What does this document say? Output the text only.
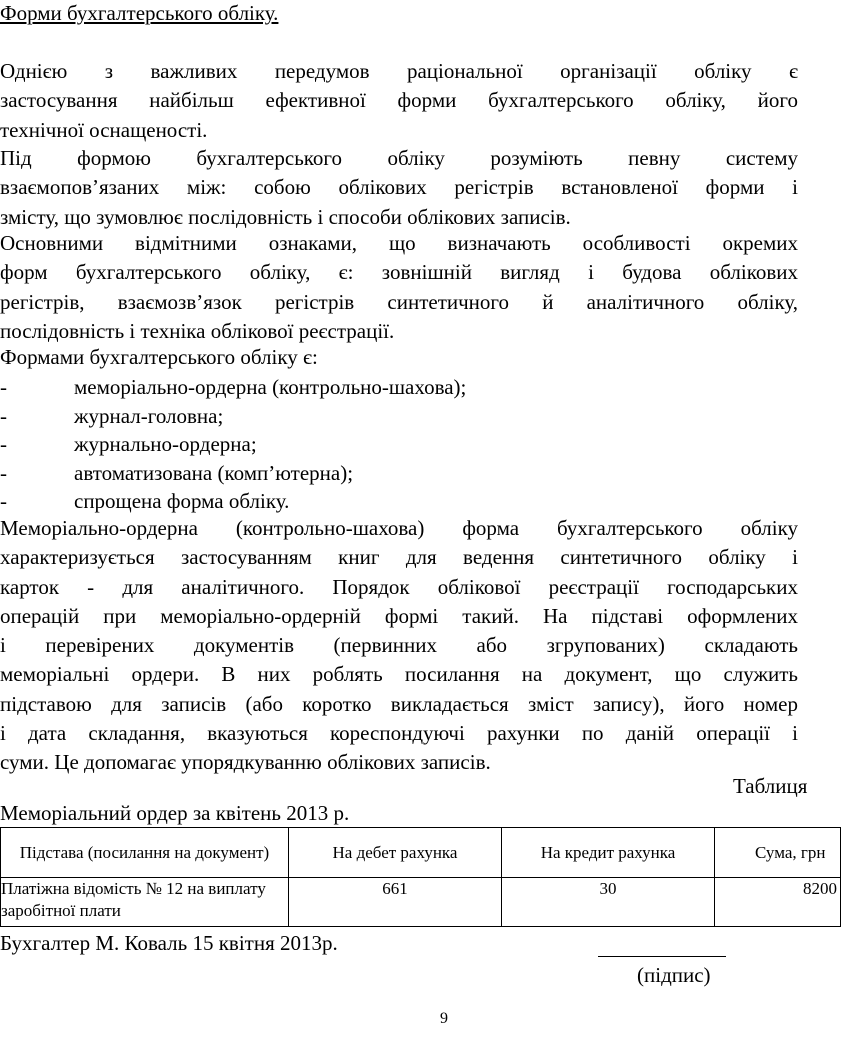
Форми бухгалтерського обліку.

Однією з важливих передумов раціональної організації обліку є
застосування найбільш ефективної форми бухгалтерського обліку, його
технічної оснащеності.

Під формою бухгалтерського обліку розуміють певну систему
взаємопов’язаних між: собою облікових регістрів встановленої форми і
змісту, що зумовлює послідовність і способи облікових записів.

Основними відмітними ознаками, що визначають особливості окремих
форм бухгалтерського обліку, є: зовнішній вигляд і будова облікових
регістрів, взаємозв’язок регістрів синтетичного й аналітичного обліку,
послідовність і техніка облікової реєстрації.

Формами бухгалтерського обліку є:

-	меморіально-ордерна (контрольно-шахова);
-	журнал-головна;
-	журнально-ордерна;
-	автоматизована (комп’ютерна);
-	спрощена форма обліку.

Меморіально-ордерна (контрольно-шахова) форма бухгалтерського обліку
характеризується застосуванням книг для ведення синтетичного обліку і
карток - для аналітичного. Порядок облікової реєстрації господарських
операцій при меморіально-ордерній формі такий. На підставі оформлених
і перевірених документів (первинних або згрупованих) складають
меморіальні ордери. В них роблять посилання на документ, що служить
підставою для записів (або коротко викладається зміст запису), його номер
і дата складання, вказуються кореспондуючі рахунки по даній операції і
суми. Це допомагає упорядкуванню облікових записів.

Таблиця
Меморіальний ордер за квітень 2013 р.
Підстава (посилання на документ)	На дебет рахунка	На кредит рахунка	Сума, грн
Платіжна відомість № 12 на виплату заробітної плати	661	30	8200
Бухгалтер М. Коваль 15 квітня 2013р.
(підпис)
9
